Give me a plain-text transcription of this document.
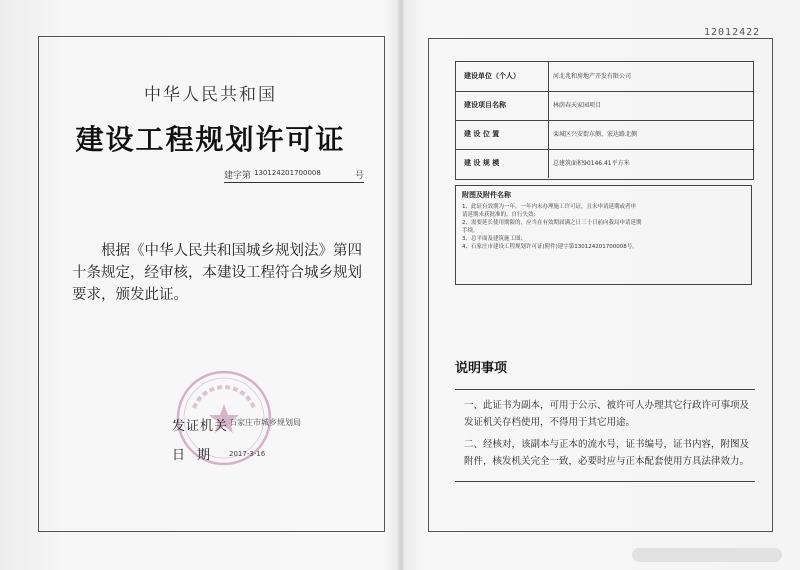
中华人民共和国
建设工程规划许可证
建字第 130124201700008	号
根据《中华人民共和国城乡规划法》第四十条规定，经审核，本建设工程符合城乡规划要求，颁发此证。
发证机关 石家庄市城乡规划局
日期 2017-3-16
12012422
建设单位（个人）	河北兆和房地产开发有限公司
建设项目名称	林荫春天家园项目
建 设 位 置	栾城区兴安街东侧、宏达路北侧
建 设 规 模	总建筑面积90146.41平方米
附图及附件名称
1、此证有效期为一年，一年内未办理施工许可证，且未申请延期或者申
请延期未获批准的，自行失效；
2、需要延长使用期限的，应当在有效期届满之日三十日前向我局申请延期
手续。
3、总平面及建筑施工图；
4、石家庄市建设工程规划许可证(附件)建字第130124201700008号。
说明事项
一、此证书为副本，可用于公示、被许可人办理其它行政许可事项及发证机关存档使用，不得用于其它用途。
二、经核对，该副本与正本的流水号，证书编号，证书内容，附图及附件，核发机关完全一致，必要时应与正本配套使用方具法律效力。
